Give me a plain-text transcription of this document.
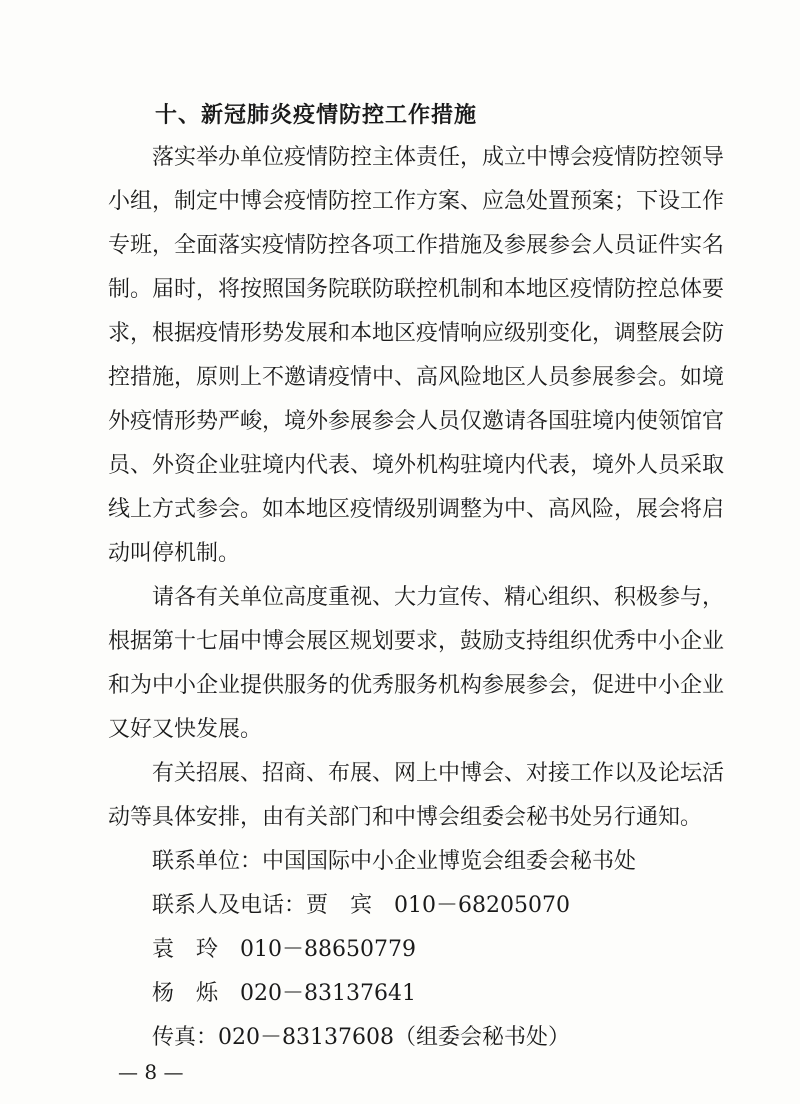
十、新冠肺炎疫情防控工作措施
落实举办单位疫情防控主体责任，成立中博会疫情防控领导
小组，制定中博会疫情防控工作方案、应急处置预案；下设工作
专班，全面落实疫情防控各项工作措施及参展参会人员证件实名
制。届时，将按照国务院联防联控机制和本地区疫情防控总体要
求，根据疫情形势发展和本地区疫情响应级别变化，调整展会防
控措施，原则上不邀请疫情中、高风险地区人员参展参会。如境
外疫情形势严峻，境外参展参会人员仅邀请各国驻境内使领馆官
员、外资企业驻境内代表、境外机构驻境内代表，境外人员采取
线上方式参会。如本地区疫情级别调整为中、高风险，展会将启
动叫停机制。
请各有关单位高度重视、大力宣传、精心组织、积极参与，
根据第十七届中博会展区规划要求，鼓励支持组织优秀中小企业
和为中小企业提供服务的优秀服务机构参展参会，促进中小企业
又好又快发展。
有关招展、招商、布展、网上中博会、对接工作以及论坛活
动等具体安排，由有关部门和中博会组委会秘书处另行通知。
联系单位：中国国际中小企业博览会组委会秘书处
联系人及电话：贾　宾　010－68205070
袁　玲　010－88650779
杨　烁　020－83137641
传真：020－83137608（组委会秘书处）
— 8 —
